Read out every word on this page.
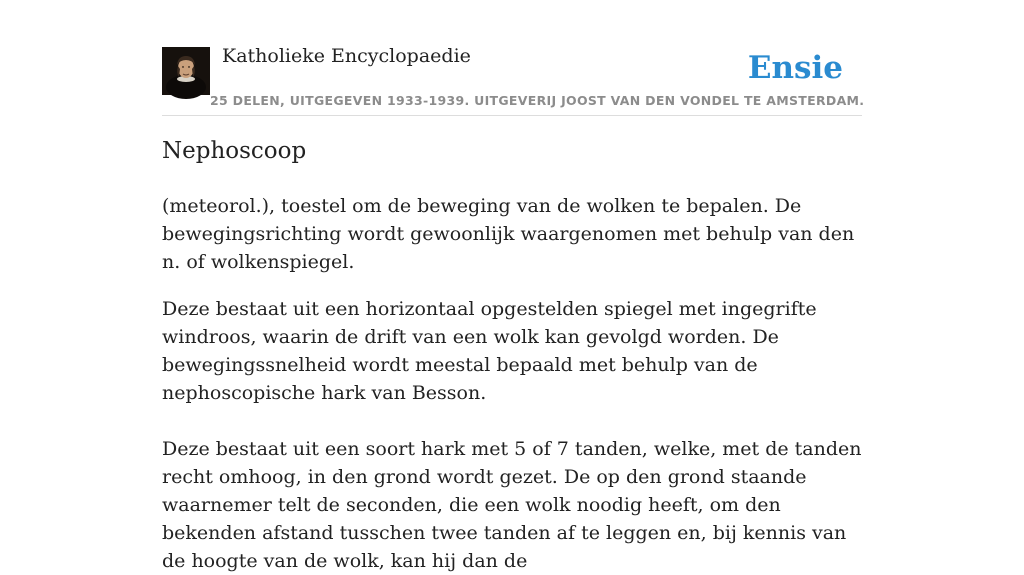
Katholieke Encyclopaedie
25 DELEN, UITGEGEVEN 1933-1939. UITGEVERIJ JOOST VAN DEN VONDEL TE AMSTERDAM.
Ensie
Nephoscoop

(meteorol.), toestel om de beweging van de wolken te bepalen. De bewegingsrichting wordt gewoonlijk waargenomen met behulp van den n. of wolkenspiegel.

Deze bestaat uit een horizontaal opgestelden spiegel met ingegrifte windroos, waarin de drift van een wolk kan gevolgd worden. De bewegingssnelheid wordt meestal bepaald met behulp van de nephoscopische hark van Besson.

Deze bestaat uit een soort hark met 5 of 7 tanden, welke, met de tanden recht omhoog, in den grond wordt gezet. De op den grond staande waarnemer telt de seconden, die een wolk noodig heeft, om den bekenden afstand tusschen twee tanden af te leggen en, bij kennis van de hoogte van de wolk, kan hij dan de
